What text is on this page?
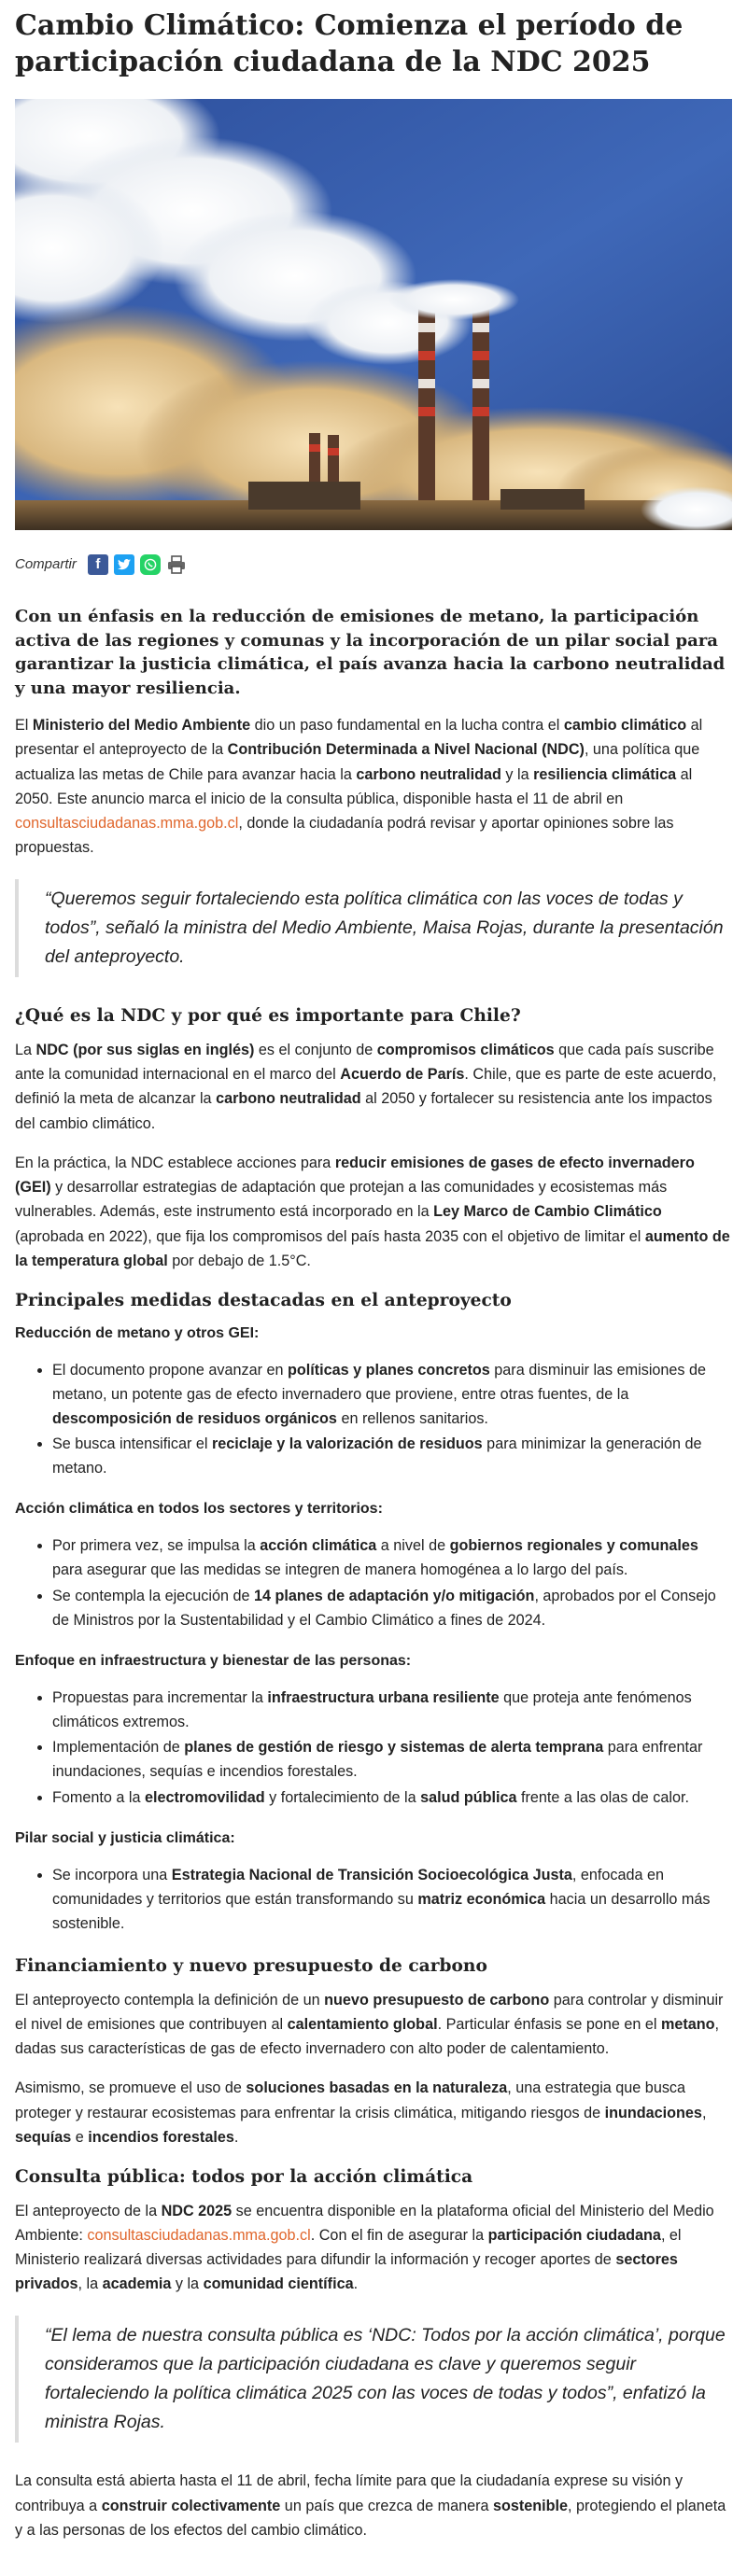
Cambio Climático: Comienza el período de participación ciudadana de la NDC 2025
Compartir	f

Con un énfasis en la reducción de emisiones de metano, la participación activa de las regiones y comunas y la incorporación de un pilar social para garantizar la justicia climática, el país avanza hacia la carbono neutralidad y una mayor resiliencia.

El Ministerio del Medio Ambiente dio un paso fundamental en la lucha contra el cambio climático al presentar el anteproyecto de la Contribución Determinada a Nivel Nacional (NDC), una política que actualiza las metas de Chile para avanzar hacia la carbono neutralidad y la resiliencia climática al 2050. Este anuncio marca el inicio de la consulta pública, disponible hasta el 11 de abril en consultasciudadanas.mma.gob.cl, donde la ciudadanía podrá revisar y aportar opiniones sobre las propuestas.

“Queremos seguir fortaleciendo esta política climática con las voces de todas y todos”, señaló la ministra del Medio Ambiente, Maisa Rojas, durante la presentación del anteproyecto.
¿Qué es la NDC y por qué es importante para Chile?

La NDC (por sus siglas en inglés) es el conjunto de compromisos climáticos que cada país suscribe ante la comunidad internacional en el marco del Acuerdo de París. Chile, que es parte de este acuerdo, definió la meta de alcanzar la carbono neutralidad al 2050 y fortalecer su resistencia ante los impactos del cambio climático.

En la práctica, la NDC establece acciones para reducir emisiones de gases de efecto invernadero (GEI) y desarrollar estrategias de adaptación que protejan a las comunidades y ecosistemas más vulnerables. Además, este instrumento está incorporado en la Ley Marco de Cambio Climático (aprobada en 2022), que fija los compromisos del país hasta 2035 con el objetivo de limitar el aumento de la temperatura global por debajo de 1.5°C.

Principales medidas destacadas en el anteproyecto
Reducción de metano y otros GEI:
• El documento propone avanzar en políticas y planes concretos para disminuir las emisiones de metano, un potente gas de efecto invernadero que proviene, entre otras fuentes, de la descomposición de residuos orgánicos en rellenos sanitarios.
• Se busca intensificar el reciclaje y la valorización de residuos para minimizar la generación de metano.
Acción climática en todos los sectores y territorios:
• Por primera vez, se impulsa la acción climática a nivel de gobiernos regionales y comunales para asegurar que las medidas se integren de manera homogénea a lo largo del país.
• Se contempla la ejecución de 14 planes de adaptación y/o mitigación, aprobados por el Consejo de Ministros por la Sustentabilidad y el Cambio Climático a fines de 2024.
Enfoque en infraestructura y bienestar de las personas:
• Propuestas para incrementar la infraestructura urbana resiliente que proteja ante fenómenos climáticos extremos.
• Implementación de planes de gestión de riesgo y sistemas de alerta temprana para enfrentar inundaciones, sequías e incendios forestales.
• Fomento a la electromovilidad y fortalecimiento de la salud pública frente a las olas de calor.
Pilar social y justicia climática:
• Se incorpora una Estrategia Nacional de Transición Socioecológica Justa, enfocada en comunidades y territorios que están transformando su matriz económica hacia un desarrollo más sostenible.
Financiamiento y nuevo presupuesto de carbono

El anteproyecto contempla la definición de un nuevo presupuesto de carbono para controlar y disminuir el nivel de emisiones que contribuyen al calentamiento global. Particular énfasis se pone en el metano, dadas sus características de gas de efecto invernadero con alto poder de calentamiento.

Asimismo, se promueve el uso de soluciones basadas en la naturaleza, una estrategia que busca proteger y restaurar ecosistemas para enfrentar la crisis climática, mitigando riesgos de inundaciones, sequías e incendios forestales.

Consulta pública: todos por la acción climática

El anteproyecto de la NDC 2025 se encuentra disponible en la plataforma oficial del Ministerio del Medio Ambiente: consultasciudadanas.mma.gob.cl. Con el fin de asegurar la participación ciudadana, el Ministerio realizará diversas actividades para difundir la información y recoger aportes de sectores privados, la academia y la comunidad científica.

“El lema de nuestra consulta pública es ‘NDC: Todos por la acción climática’, porque consideramos que la participación ciudadana es clave y queremos seguir fortaleciendo la política climática 2025 con las voces de todas y todos”, enfatizó la ministra Rojas.

La consulta está abierta hasta el 11 de abril, fecha límite para que la ciudadanía exprese su visión y contribuya a construir colectivamente un país que crezca de manera sostenible, protegiendo el planeta y a las personas de los efectos del cambio climático.
